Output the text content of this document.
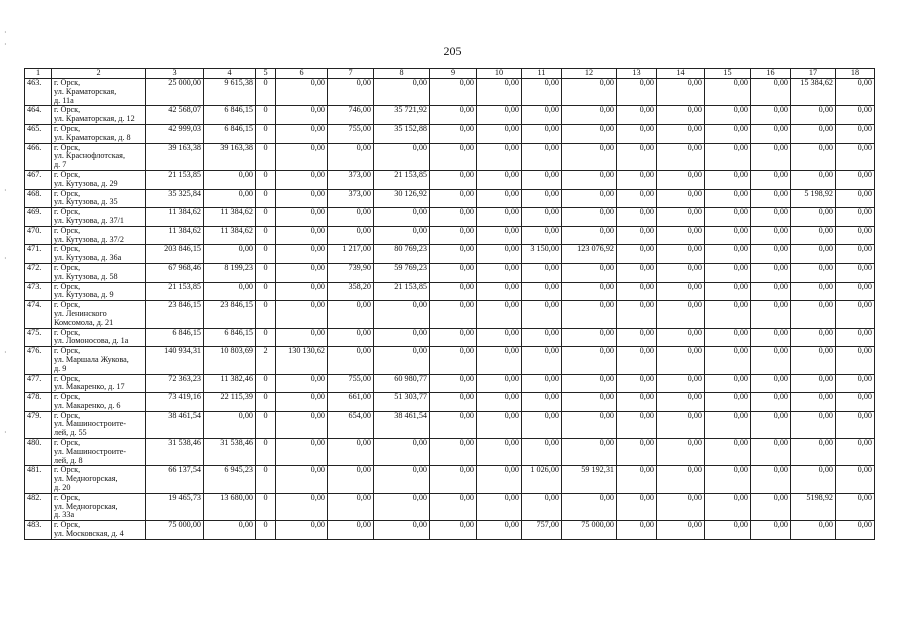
205
·
·
·
·
·
·
1	2	3	4	5	6	7	8	9	10	11	12	13	14	15	16	17	18
463.	г. Орск,
ул. Краматорская,
д. 11а	25 000,00	9 615,38	0	0,00	0,00	0,00	0,00	0,00	0,00	0,00	0,00	0,00	0,00	0,00	15 384,62	0,00
464.	г. Орск,
ул. Краматорская, д. 12	42 568,07	6 846,15	0	0,00	746,00	35 721,92	0,00	0,00	0,00	0,00	0,00	0,00	0,00	0,00	0,00	0,00
465.	г. Орск,
ул. Краматорская, д. 8	42 999,03	6 846,15	0	0,00	755,00	35 152,88	0,00	0,00	0,00	0,00	0,00	0,00	0,00	0,00	0,00	0,00
466.	г. Орск,
ул. Краснофлотская,
д. 7	39 163,38	39 163,38	0	0,00	0,00	0,00	0,00	0,00	0,00	0,00	0,00	0,00	0,00	0,00	0,00	0,00
467.	г. Орск,
ул. Кутузова, д. 29	21 153,85	0,00	0	0,00	373,00	21 153,85	0,00	0,00	0,00	0,00	0,00	0,00	0,00	0,00	0,00	0,00
468.	г. Орск,
ул. Кутузова, д. 35	35 325,84	0,00	0	0,00	373,00	30 126,92	0,00	0,00	0,00	0,00	0,00	0,00	0,00	0,00	5 198,92	0,00
469.	г. Орск,
ул. Кутузова, д. 37/1	11 384,62	11 384,62	0	0,00	0,00	0,00	0,00	0,00	0,00	0,00	0,00	0,00	0,00	0,00	0,00	0,00
470.	г. Орск,
ул. Кутузова, д. 37/2	11 384,62	11 384,62	0	0,00	0,00	0,00	0,00	0,00	0,00	0,00	0,00	0,00	0,00	0,00	0,00	0,00
471.	г. Орск,
ул. Кутузова, д. 36а	203 846,15	0,00	0	0,00	1 217,00	80 769,23	0,00	0,00	3 150,00	123 076,92	0,00	0,00	0,00	0,00	0,00	0,00
472.	г. Орск,
ул. Кутузова, д. 58	67 968,46	8 199,23	0	0,00	739,90	59 769,23	0,00	0,00	0,00	0,00	0,00	0,00	0,00	0,00	0,00	0,00
473.	г. Орск,
ул. Кутузова, д. 9	21 153,85	0,00	0	0,00	358,20	21 153,85	0,00	0,00	0,00	0,00	0,00	0,00	0,00	0,00	0,00	0,00
474.	г. Орск,
ул. Ленинского
Комсомола, д. 21	23 846,15	23 846,15	0	0,00	0,00	0,00	0,00	0,00	0,00	0,00	0,00	0,00	0,00	0,00	0,00	0,00
475.	г. Орск,
ул. Ломоносова, д. 1а	6 846,15	6 846,15	0	0,00	0,00	0,00	0,00	0,00	0,00	0,00	0,00	0,00	0,00	0,00	0,00	0,00
476.	г. Орск,
ул. Маршала Жукова,
д. 9	140 934,31	10 803,69	2	130 130,62	0,00	0,00	0,00	0,00	0,00	0,00	0,00	0,00	0,00	0,00	0,00	0,00
477.	г. Орск,
ул. Макаренко, д. 17	72 363,23	11 382,46	0	0,00	755,00	60 980,77	0,00	0,00	0,00	0,00	0,00	0,00	0,00	0,00	0,00	0,00
478.	г. Орск,
ул. Макаренко, д. 6	73 419,16	22 115,39	0	0,00	661,00	51 303,77	0,00	0,00	0,00	0,00	0,00	0,00	0,00	0,00	0,00	0,00
479.	г. Орск,
ул. Машиностроите-
лей, д. 55	38 461,54	0,00	0	0,00	654,00	38 461,54	0,00	0,00	0,00	0,00	0,00	0,00	0,00	0,00	0,00	0,00
480.	г. Орск,
ул. Машиностроите-
лей, д. 8	31 538,46	31 538,46	0	0,00	0,00	0,00	0,00	0,00	0,00	0,00	0,00	0,00	0,00	0,00	0,00	0,00
481.	г. Орск,
ул. Медногорская,
д. 20	66 137,54	6 945,23	0	0,00	0,00	0,00	0,00	0,00	1 026,00	59 192,31	0,00	0,00	0,00	0,00	0,00	0,00
482.	г. Орск,
ул. Медногорская,
д. 33а	19 465,73	13 680,00	0	0,00	0,00	0,00	0,00	0,00	0,00	0,00	0,00	0,00	0,00	0,00	5198,92	0,00
483.	г. Орск,
ул. Московская, д. 4	75 000,00	0,00	0	0,00	0,00	0,00	0,00	0,00	757,00	75 000,00	0,00	0,00	0,00	0,00	0,00	0,00
